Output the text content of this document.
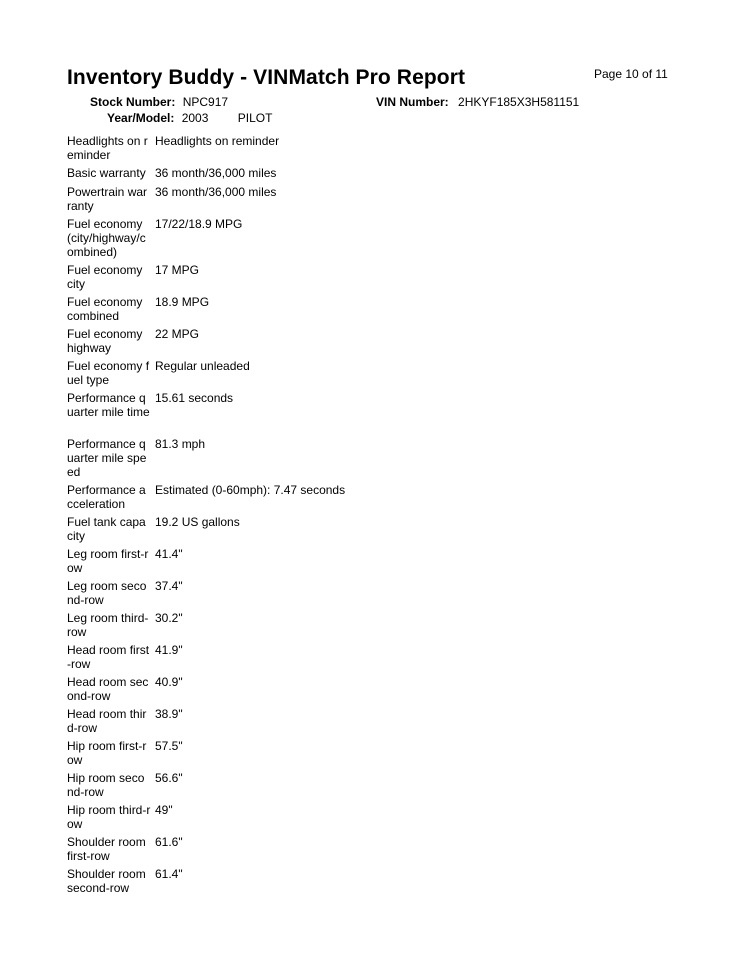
Inventory Buddy - VINMatch Pro Report	Page 10 of 11
Stock Number: NPC917	VIN Number: 2HKYF185X3H581151
Year/Model: 2003 PILOT
Headlights on reminder
Headlights on reminder
Basic warranty 36 month/36,000 miles
Powertrain warranty
36 month/36,000 miles
Fuel economy (city/highway/combined)
17/22/18.9 MPG
Fuel economy city
17 MPG
Fuel economy combined
18.9 MPG
Fuel economy highway
22 MPG
Fuel economy fuel type
Regular unleaded
Performance quarter mile time
15.61 seconds
Performance quarter mile speed
81.3 mph
Performance acceleration
Estimated (0-60mph): 7.47 seconds
Fuel tank capacity
19.2 US gallons
Leg room first-row
41.4"
Leg room second-row
37.4"
Leg room third-row
30.2"
Head room first-row
41.9"
Head room second-row
40.9"
Head room third-row
38.9"
Hip room first-row
57.5"
Hip room second-row
56.6"
Hip room third-row
49"
Shoulder room first-row
61.6"
Shoulder room second-row
61.4"
